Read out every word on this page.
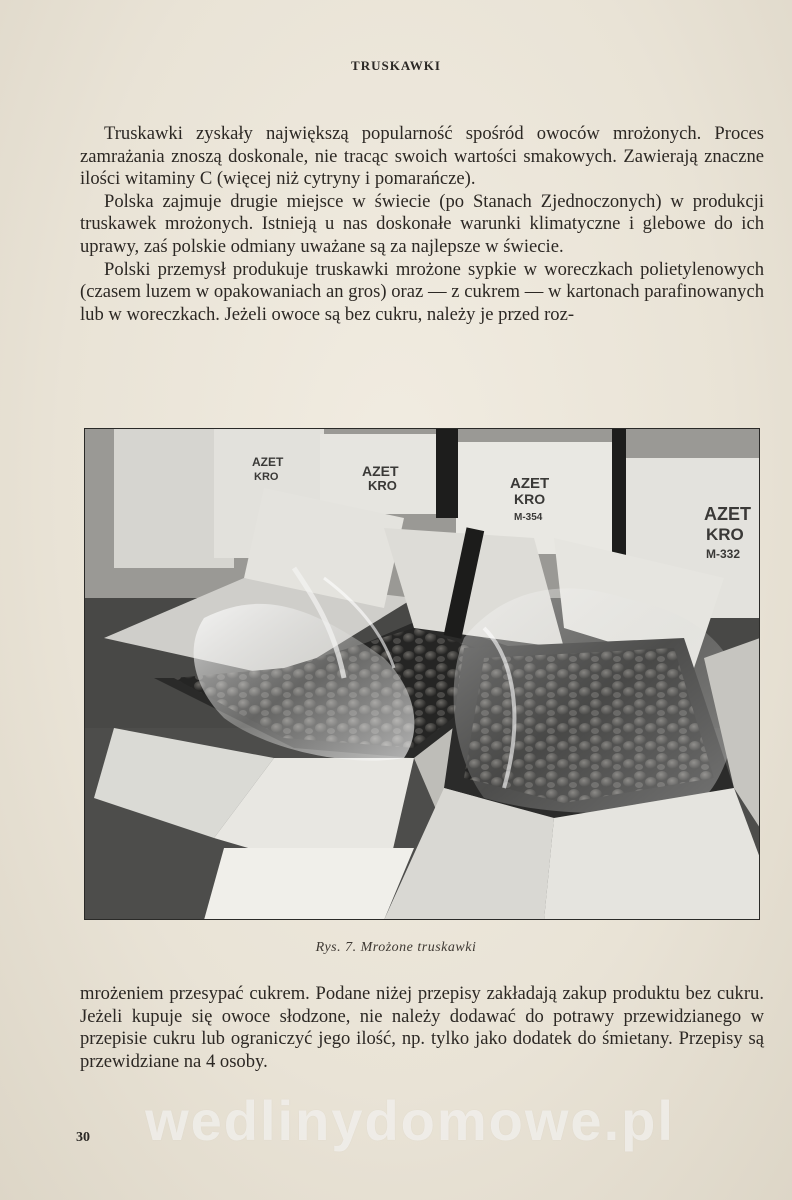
TRUSKAWKI

Truskawki zyskały największą popularność spośród owoców mrożonych. Proces zamrażania znoszą doskonale, nie tracąc swoich wartości smakowych. Zawierają znaczne ilości witaminy C (więcej niż cytryny i pomarańcze).

Polska zajmuje drugie miejsce w świecie (po Stanach Zjednoczonych) w produkcji truskawek mrożonych. Istnieją u nas doskonałe warunki klimatyczne i glebowe do ich uprawy, zaś polskie odmiany uważane są za najlepsze w świecie.

Polski przemysł produkuje truskawki mrożone sypkie w woreczkach polietylenowych (czasem luzem w opakowaniach an gros) oraz — z cukrem — w kartonach parafinowanych lub w woreczkach. Jeżeli owoce są bez cukru, należy je przed roz-

AZET
KRO	AZET
KRO	AZET
KRO
M-354	AZET
KRO
M-332
Rys. 7. Mrożone truskawki

mrożeniem przesypać cukrem. Podane niżej przepisy zakładają zakup produktu bez cukru. Jeżeli kupuje się owoce słodzone, nie należy dodawać do potrawy przewidzianego w przepisie cukru lub ograniczyć jego ilość, np. tylko jako dodatek do śmietany. Przepisy są przewidziane na 4 osoby.

wedlinydomowe.pl
30
